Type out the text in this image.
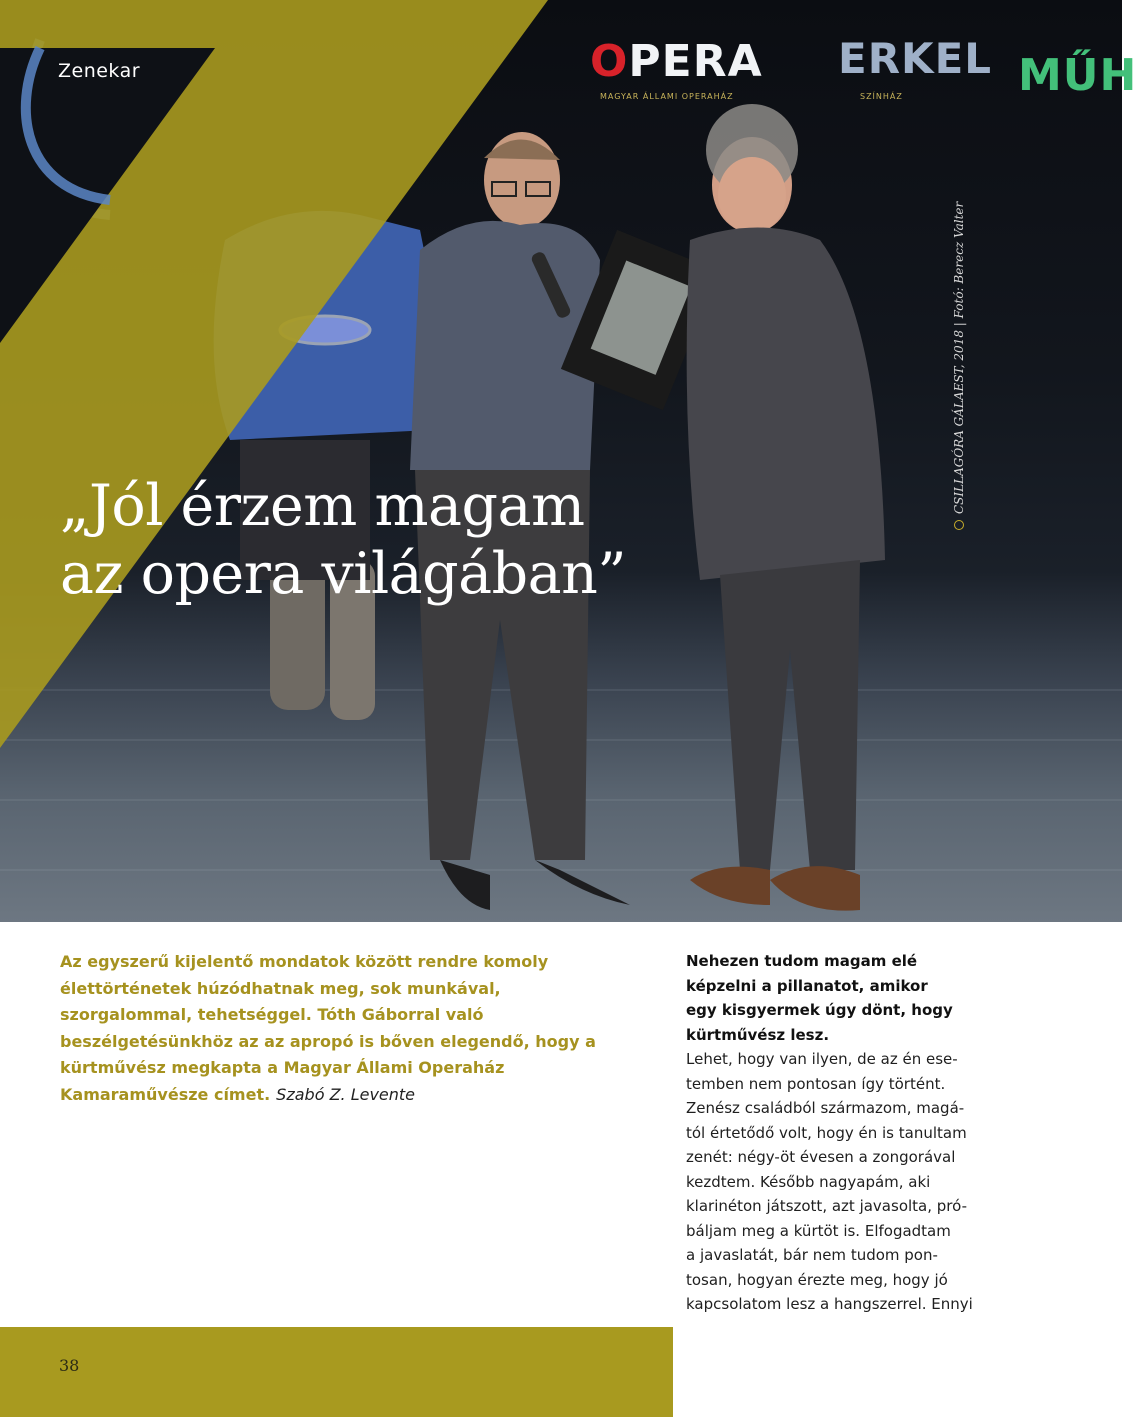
OPERA
MAGYAR ÁLLAMI OPERAHÁZ
ERKEL
SZÍNHÁZ	MŰH
CSILLAGÓRA GÁLAEST, 2018 | Fotó: Berecz Valter
Zenekar
„Jól érzem magam
az opera világában”

Az egyszerű kijelentő mondatok között rendre komoly élettörténetek húzódhatnak meg, sok munkával, szorgalommal, tehetséggel. Tóth Gáborral való beszélgetésünkhöz az az apropó is bőven elegendő, hogy a kürtművész megkapta a Magyar Állami Operaház Kamaraművésze címet. Szabó Z. Levente

Nehezen tudom magam elé
képzelni a pillanatot, amikor
egy kisgyermek úgy dönt, hogy
kürtművész lesz.
Lehet, hogy van ilyen, de az én ese-
temben nem pontosan így történt.
Zenész családból származom, magá-
tól értetődő volt, hogy én is tanultam
zenét: négy-öt évesen a zongorával
kezdtem. Később nagyapám, aki
klarinéton játszott, azt javasolta, pró-
báljam meg a kürtöt is. Elfogadtam
a javaslatát, bár nem tudom pon-
tosan, hogyan érezte meg, hogy jó
kapcsolatom lesz a hangszerrel. Ennyi
38
